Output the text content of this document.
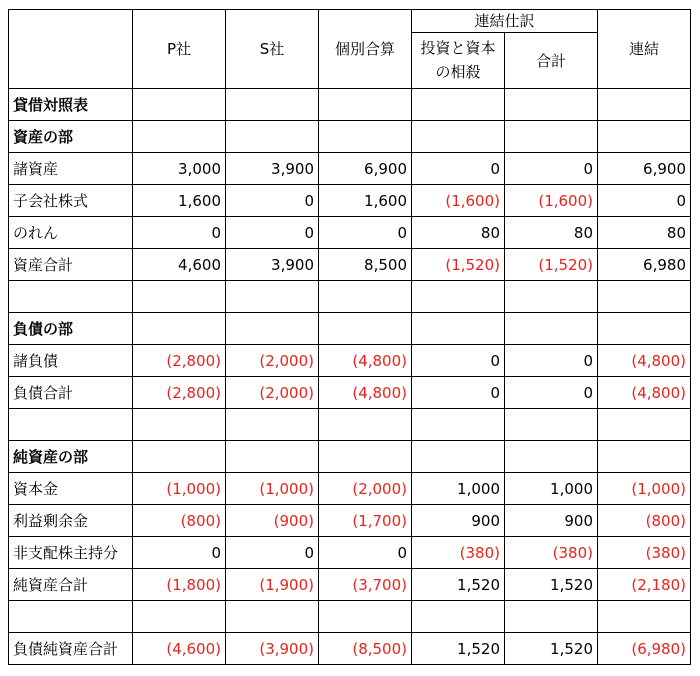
	P社	S社	個別合算	連結仕訳		連結
				投資と資本の相殺	合計	
貸借対照表						
資産の部						
諸資産	3,000	3,900	6,900	0	0	6,900
子会社株式	1,600	0	1,600	(1,600)	(1,600)	0
のれん	0	0	0	80	80	80
資産合計	4,600	3,900	8,500	(1,520)	(1,520)	6,980

負債の部						
諸負債	(2,800)	(2,000)	(4,800)	0	0	(4,800)
負債合計	(2,800)	(2,000)	(4,800)	0	0	(4,800)

純資産の部						
資本金	(1,000)	(1,000)	(2,000)	1,000	1,000	(1,000)
利益剰余金	(800)	(900)	(1,700)	900	900	(800)
非支配株主持分	0	0	0	(380)	(380)	(380)
純資産合計	(1,800)	(1,900)	(3,700)	1,520	1,520	(2,180)

負債純資産合計	(4,600)	(3,900)	(8,500)	1,520	1,520	(6,980)
